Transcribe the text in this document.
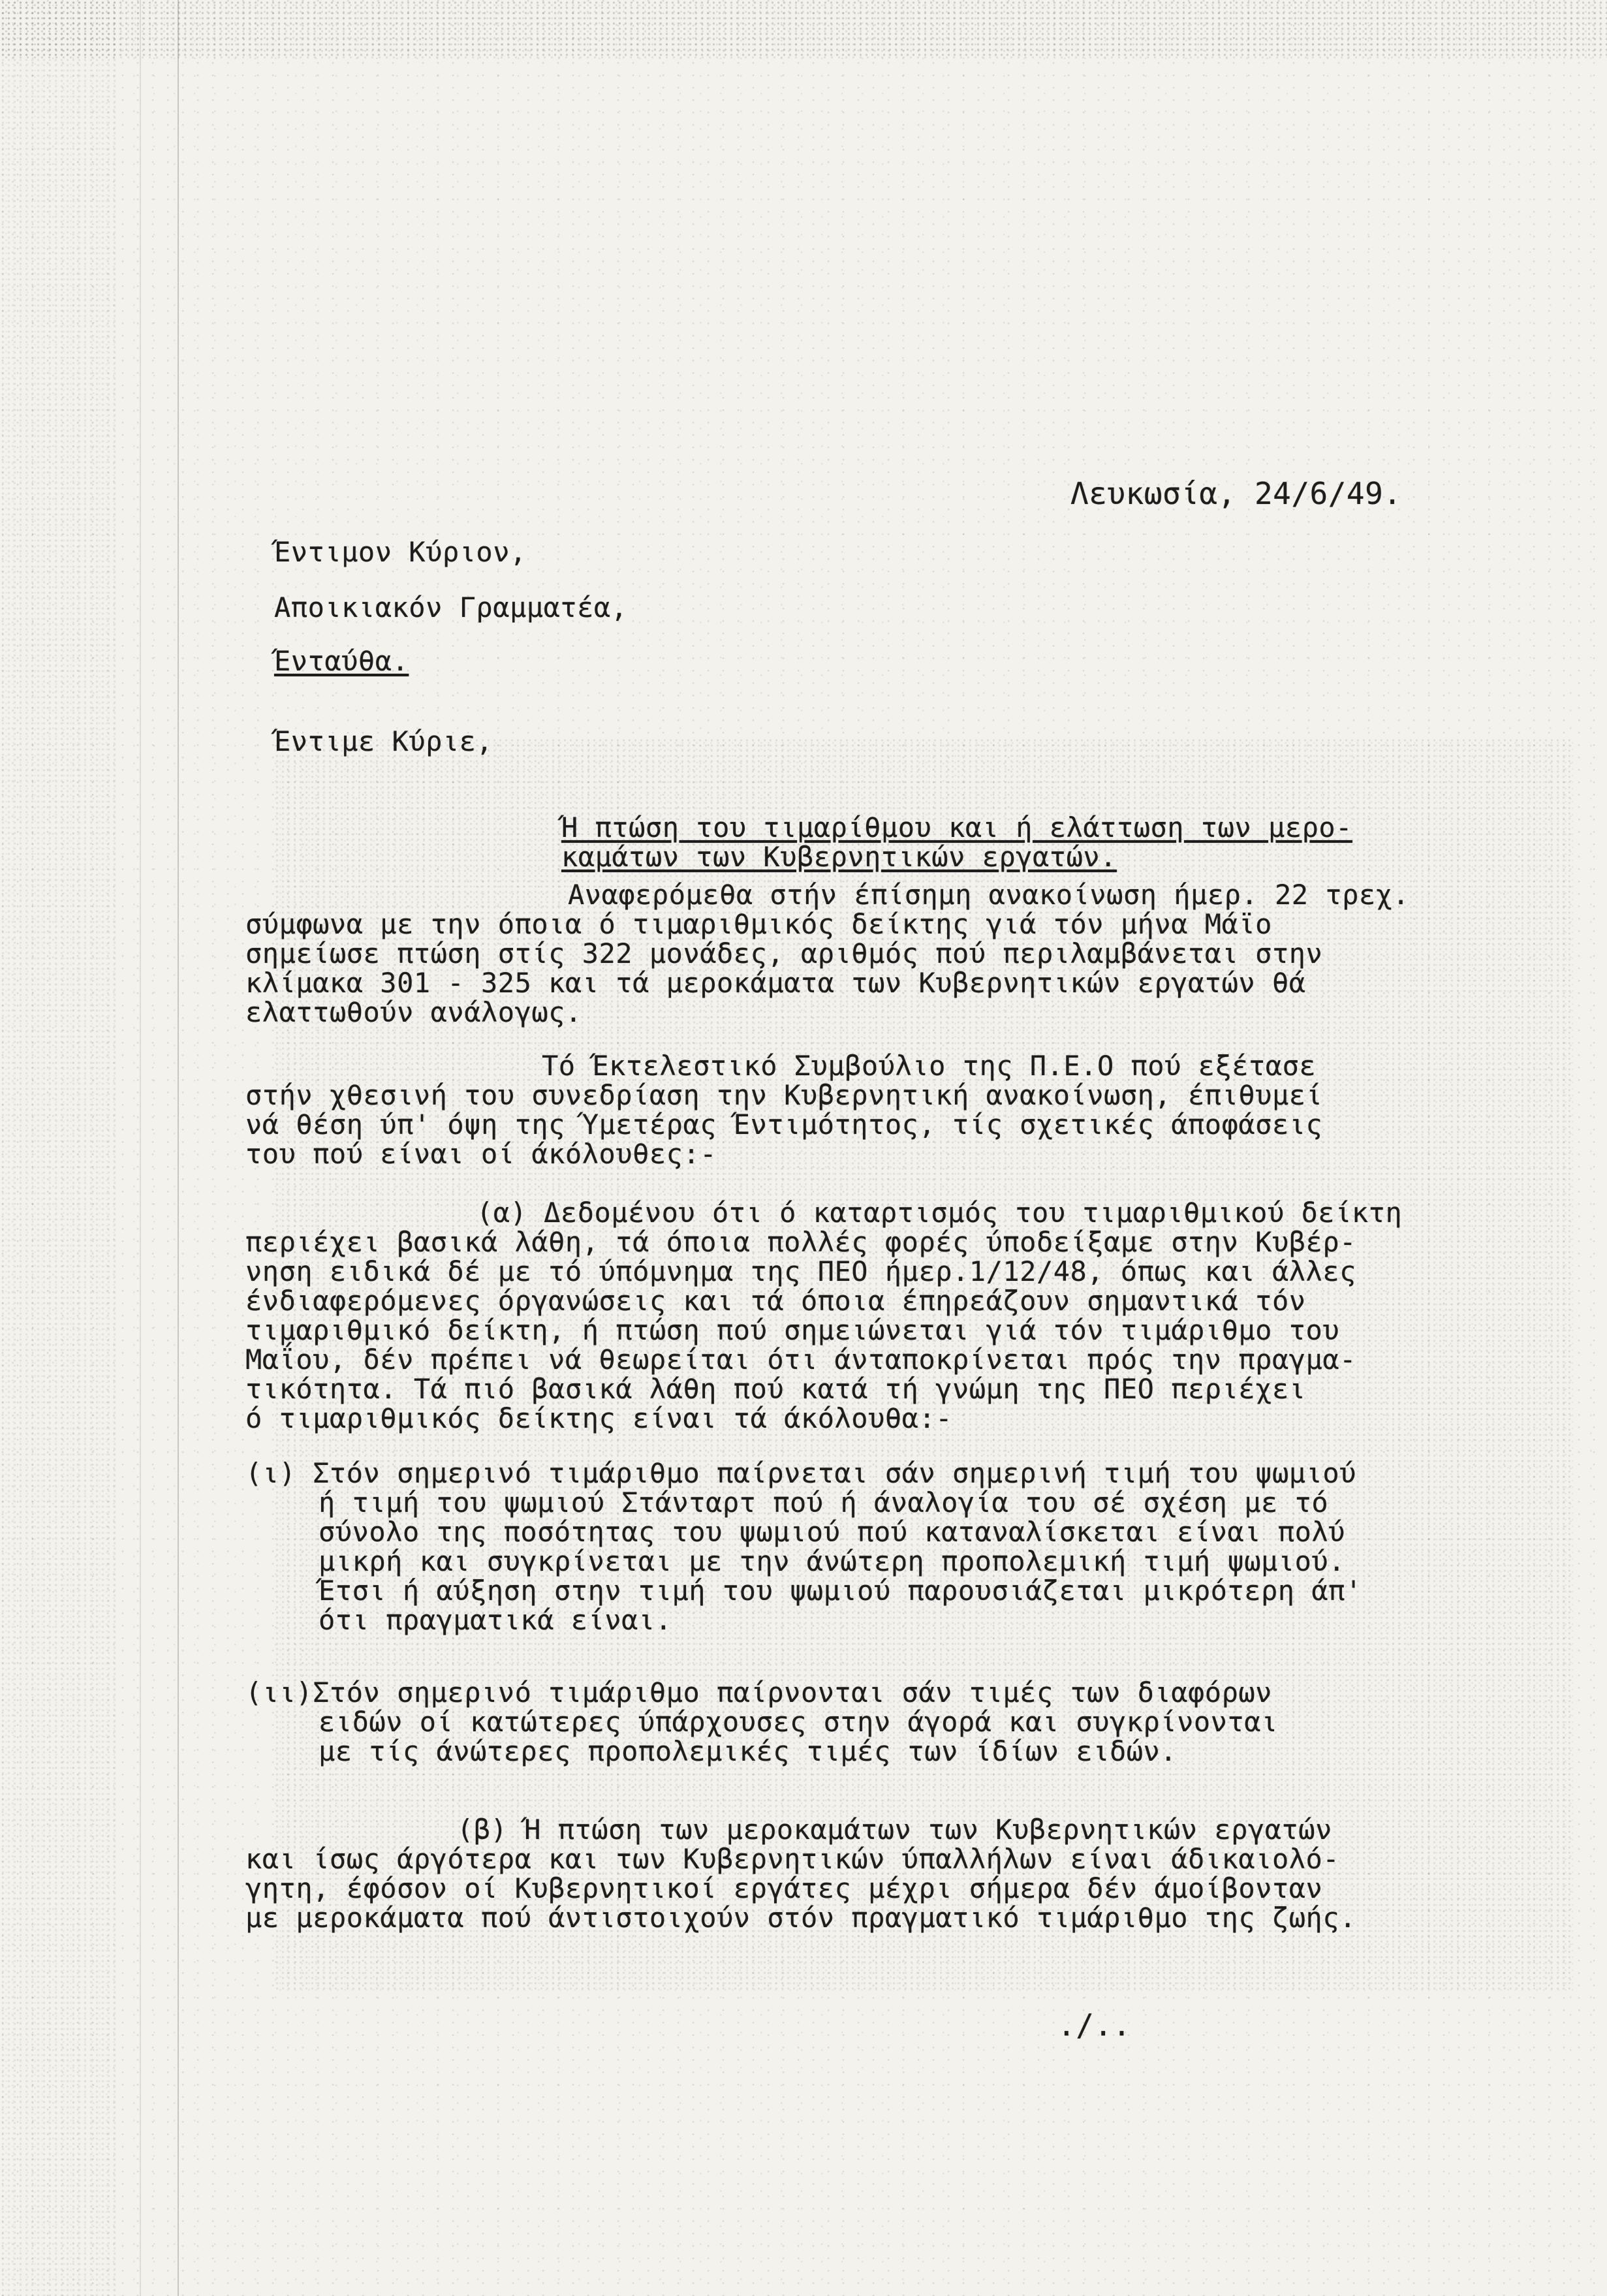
Λευκωσία, 24/6/49.
Έντιμον Κύριον,
Αποικιακόν Γραμματέα,
Ένταύθα.
Έντιμε Κύριε,
Ή πτώση του τιμαρίθμου και ή ελάττωση των μερο-
καμάτων των Κυβερνητικών εργατών.
Αναφερόμεθα στήν έπίσημη ανακοίνωση ήμερ. 22 τρεχ.
σύμφωνα με την όποια ό τιμαριθμικός δείκτης γιά τόν μήνα Μάϊο
σημείωσε πτώση στίς 322 μονάδες, αριθμός πού περιλαμβάνεται στην
κλίμακα 301 - 325 και τά μεροκάματα των Κυβερνητικών εργατών θά
ελαττωθούν ανάλογως.
Τό Έκτελεστικό Συμβούλιο της Π.Ε.Ο πού εξέτασε
στήν χθεσινή του συνεδρίαση την Κυβερνητική ανακοίνωση, έπιθυμεί
νά θέση ύπ' όψη της Ύμετέρας Έντιμότητος, τίς σχετικές άποφάσεις
του πού είναι οί άκόλουθες:-
(α) Δεδομένου ότι ό καταρτισμός του τιμαριθμικού δείκτη
περιέχει βασικά λάθη, τά όποια πολλές φορές ύποδείξαμε στην Κυβέρ-
νηση ειδικά δέ με τό ύπόμνημα της ΠΕΟ ήμερ.1/12/48, όπως και άλλες
ένδιαφερόμενες όργανώσεις και τά όποια έπηρεάζουν σημαντικά τόν
τιμαριθμικό δείκτη, ή πτώση πού σημειώνεται γιά τόν τιμάριθμο του
Μαΐου, δέν πρέπει νά θεωρείται ότι άνταποκρίνεται πρός την πραγμα-
τικότητα. Τά πιό βασικά λάθη πού κατά τή γνώμη της ΠΕΟ περιέχει
ό τιμαριθμικός δείκτης είναι τά άκόλουθα:-
(ι) Στόν σημερινό τιμάριθμο παίρνεται σάν σημερινή τιμή του ψωμιού
ή τιμή του ψωμιού Στάνταρτ πού ή άναλογία του σέ σχέση με τό
σύνολο της ποσότητας του ψωμιού πού καταναλίσκεται είναι πολύ
μικρή και συγκρίνεται με την άνώτερη προπολεμική τιμή ψωμιού.
Έτσι ή αύξηση στην τιμή του ψωμιού παρουσιάζεται μικρότερη άπ'
ότι πραγματικά είναι.
(ιι)Στόν σημερινό τιμάριθμο παίρνονται σάν τιμές των διαφόρων
ειδών οί κατώτερες ύπάρχουσες στην άγορά και συγκρίνονται
με τίς άνώτερες προπολεμικές τιμές των ίδίων ειδών.
(β) Ή πτώση των μεροκαμάτων των Κυβερνητικών εργατών
και ίσως άργότερα και των Κυβερνητικών ύπαλλήλων είναι άδικαιολό-
γητη, έφόσον οί Κυβερνητικοί εργάτες μέχρι σήμερα δέν άμοίβονταν
με μεροκάματα πού άντιστοιχούν στόν πραγματικό τιμάριθμο της ζωής.
./..
